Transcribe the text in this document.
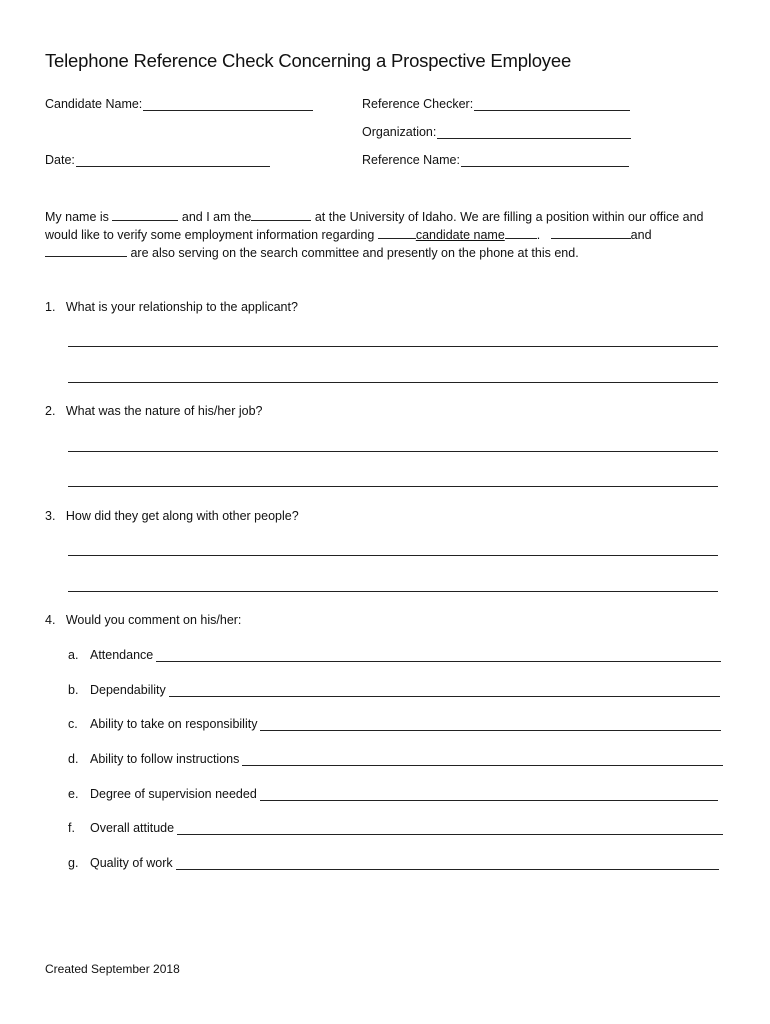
Telephone Reference Check Concerning a Prospective Employee
Candidate Name:
Date:
Reference Checker:
Organization:
Reference Name:
My name is	and I am the	at the University of Idaho. We are filling a position within our office and would like to verify some employment information regarding	candidate name	.	and  are also serving on the search committee and presently on the phone at this end.
1. What is your relationship to the applicant?
2. What was the nature of his/her job?
3. How did they get along with other people?
4. Would you comment on his/her:
a. Attendance
b. Dependability
c. Ability to take on responsibility
d. Ability to follow instructions
e. Degree of supervision needed
f.	Overall attitude
g. Quality of work
Created September 2018
